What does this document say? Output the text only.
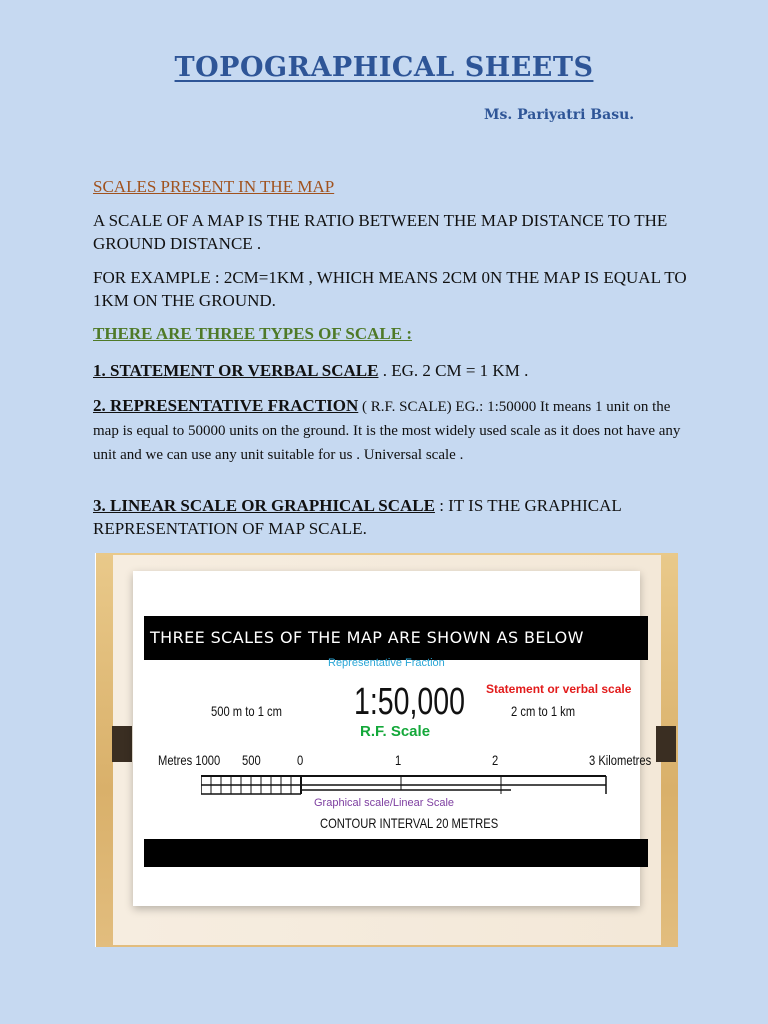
TOPOGRAPHICAL SHEETS
Ms. Pariyatri Basu.
SCALES PRESENT IN THE MAP
A SCALE OF A MAP IS THE RATIO BETWEEN THE MAP DISTANCE TO THE GROUND DISTANCE .
FOR EXAMPLE : 2CM=1KM , WHICH MEANS 2CM 0N THE MAP IS EQUAL TO 1KM ON THE GROUND.
THERE ARE THREE TYPES OF SCALE :
1. STATEMENT OR VERBAL SCALE . EG. 2 CM = 1 KM .
2. REPRESENTATIVE FRACTION ( R.F. SCALE) EG.: 1:50000 It means 1 unit on the map is equal to 50000 units on the ground. It is the most widely used scale as it does not have any unit and we can use any unit suitable for us . Universal scale .
3. LINEAR SCALE OR GRAPHICAL SCALE : IT IS THE GRAPHICAL REPRESENTATION OF MAP SCALE.
THREE SCALES OF THE MAP ARE SHOWN AS BELOW
Representative Fraction
Statement or verbal scale
500 m to 1 cm 1:50,000	2 cm to 1 km
R.F. Scale
Metres 1000 500	0	1	2	3 Kilometres
Graphical scale/Linear Scale
CONTOUR INTERVAL 20 METRES
